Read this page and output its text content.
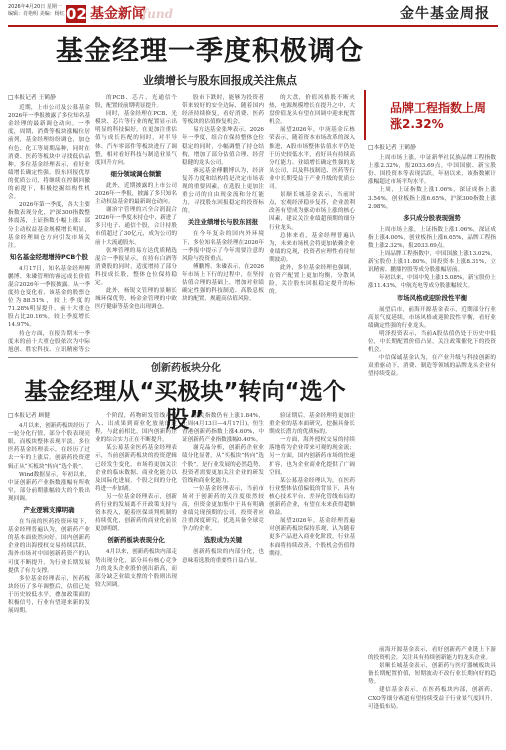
2026年4月20日 星期一
编辑：肖艳明 美编：杨红 02 基金新闻
fund	金牛基金周报
基金经理一季度积极调仓
业绩增长与股东回报成关注焦点

□本报记者 王鹤静

近期，上市公司及公募基金2026年一季报披露了多位知名基金经理的最新调仓动向。一季度，周期、消费等板块涨幅位居前列，基金经理纷纷调仓，加仓有色、化工等周期品种，同时在消费、医药等板块中寻找低估品种。多位基金经理表示，看好业绩增长确定性强、股东回报优厚的优质公司，将继续在控制回撤的前提下，积极挖掘结构性机会。

2026年第一季度，各大主要指数表现分化，沪深300指数整体震荡，上证指数小幅上涨；部分主动权益基金规模增长明显，基金经理调仓方向引发市场关注。

知名基金经理增持PCB个股

4月17日，知名基金经理傅鹏博、朱璘管理的睿远成长价值混合2026年一季报披露。从一季度持仓变化看，该基金的股票仓位为88.51%，较上季度的71.28%明显提升，前十大重仓股占比20.16%，较上季度增长14.97%。

持仓方面，在报告期末一季度末的前十大重仓股依次为中际旭创、胜宏科技、立讯精密等公

的PCB、芯片、光通信个股，配置较前期明显提升。

同时，基金经理在PCB、光模块、芯片等行业的配置显示出明显的科技偏好，在更加注重估值与成长匹配的同时，对半导体、汽车零部件等板块进行了调整，相对看好科技与制造业景气度回升方向。

细分领域调仓频繁

此外，近期披露的上市公司2026年一季报，披露了多只知名主动权益基金的最新调仓动向。

谢治宇管理的兴全合润混合2026年一季度末持仓中，新进了多只电子、通信个股，合计持股市值超过了30亿元，成为公司的前十大流通股东。

张坤管理的易方达优质精选混合一季报显示，在持有白酒等消费股的同时，适度增持了部分科技成长股，整体仓位保持稳定。

此外，杨锐文管理的景顺长城环保优势、杨金金管理的中欧医疗健康等基金也出现调仓。

股市下跌时，能够为投资者带来较好的安全边际，随着国内经济持续修复，看好消费、医药等板块的估值修复机会。

易方达基金张坤表示，2026年一季度，组合在保持整体仓位稳定的同时，小幅调整了持仓结构，增加了部分估值合理、经营稳健的龙头公司。

睿远基金傅鹏博认为，经济复苏力度和结构将是决定市场表现的重要因素，在选股上更加注重公司的自由现金流和分红能力，寻找股东回报稳定的投资标的。

关注业绩增长与股东回报

在今年复杂的国内外环境下，多位知名基金经理在2026年一季报中提示了今年需要注意的风险与投资重点。

傅鹏博、朱璘表示，在2026年市场上下行的过程中，在坚持估值合理的基础上，增加对业绩确定性强的科技制造、高股息板块的配置，规避高估值风险。

的大盘，价值风格股不断火热，电源规模增长在提升之中，大盘价值龙头有望在回调中迎来配置机会。

展望2026年，中庚基金丘栋荣表示，随着资本市场改革的深入推进，A股市场整体估值水平仍处于历史较低水平，看好具有持续高分红能力、业绩增长确定性强的龙头公司，以及科技制造、医药等行业中长期受益于产业升级的优质公司。

景顺长城基金表示，当前时点，宏观经济稳步复苏，企业盈利改善有望成为驱动市场上涨的核心因素，建议关注业绩超预期的细分行业龙头。

总体来看，基金经理普遍认为，未来市场机会将更加依赖企业业绩的兑现，投资者应理性看待短期波动。

此外，多位基金经理也强调，在资产配置上更加均衡，分散风险，关注股东回报稳定提升的标的。

品牌工程指数上周涨2.32%

□本报记者 王鹤静

上周市场上涨，中证新华社民族品牌工程指数上涨2.32%，报2033.69点，中国国旅、新宝股份、国投资本等表现活跃，年初以来，该指数累计涨幅超过市场平均水平。

上周，上证指数上涨1.06%，深证成指上涨3.54%，创业板指上涨6.65%，沪深300指数上涨2.98%。

多只成分股表现强势

上周市场上涨，上证指数上涨1.06%，深证成指上涨4.00%，创业板指上涨6.65%，品牌工程指数上涨2.32%，报2033.69点。

上周品牌工程指数中，中国国旅上涨13.02%，新宝股份上涨11.80%，国投资本上涨8.31%，立讯精密、鹏鼎控股等成分股涨幅居前。

年初以来，中国中免上涨15.08%，新宝股份上涨11.43%，中航光电等成分股涨幅较大。

市场风格或迎阶段性平衡

展望后市，前海开源基金表示，近期部分行业高景气度延续，市场风格或迎阶段性平衡，看好业绩确定性强的行业龙头。

明泽投资表示，当前A股估值仍处于历史中低位，中长期配置价值凸显，关注政策催化下的投资机会。

中信保诚基金认为，在产业升级与科技创新的双重驱动下，消费、制造等领域的品牌龙头企业有望持续受益。

创新药板块分化
基金经理从“买极块”转向“选个股”

□本报记者 顾健

4月以来，创新药板块经历了一轮分化行情，部分个股表现亮眼，而板块整体表现平淡。多位医药基金经理表示，在经历了过去一年的上涨后，创新药投资逻辑正从“买板块”转向“选个股”。

Wind数据显示，年初以来，中证创新药产业指数涨幅有所收窄，部分前期涨幅较大的个股出现回调。

产业逻辑支撑明确

在当前的医药投资环境下，基金经理普遍认为，创新药产业的基本面依然向好。国内创新药企业的出海授权交易持续活跃，海外市场对中国创新药资产的认可度不断提升，为行业长期发展提供了有力支撑。

多位基金经理表示，医药板块经历了多年调整后，估值已处于历史较低水平，叠加政策面的积极信号，行业有望迎来新的发展周期。

个阶段，药物研发管线从投入、出成果到商业化放量的过程，与此前相比，国内创新药企业的综合实力正在不断提升。

某公募基金医药基金经理表示，当前创新药板块的投资逻辑已经发生变化，市场将更加关注企业的临床数据、商业化能力以及国际化进展，个股之间的分化将进一步加剧。

另一位基金经理表示，创新药行业的发展离不开政策支持与资本投入，随着医保谈判机制的持续优化，创新药的商业化前景更加明朗。

创新药板块表现分化

4月以来，创新药板块内部走势出现分化，部分具有核心竞争力的龙头企业股价创出新高，而部分缺乏业绩支撑的个股则出现较大回调。

相关指数仍有上涨1.84%，上周(4月13日—4月17日)，恒生香港创新药指数上涨4.60%，中证创新药产业指数涨幅0.40%。

谢克晶分析，创新药企业业绩分化显著，从“买板块”转向“选个股”，是行业发展的必然趋势，投资者需要更加关注企业的研发管线和商业化能力。

一位基金经理表示，当前市场对于创新药的关注度依然较高，但资金更加集中于具有明确业绩兑现预期的公司，投资者应注重深度研究，优选具备全球竞争力的企业。

选股成为关键

创新药板块的内部分化，也意味着选股的重要性日益凸显。

验证期后，基金经理将更加注重企业的基本面研究，挖掘具备长期成长潜力的优质标的。

一方面，海外授权交易的持续落地将为企业带来可观的现金流；另一方面，国内创新药市场的快速扩容，也为企业商业化提供了广阔空间。

某公募基金经理认为，在医药行业整体估值偏低的背景下，具有核心技术平台、差异化管线布局的创新药企业，有望在未来获得超额收益。

展望2026年，基金经理普遍对创新药板块保持乐观，认为随着更多产品进入商业化阶段，行业基本面将持续改善，个股机会仍值得期待。

前海开源基金表示，看好创新药产业链上下游的投资机会，关注具有持续创新能力的龙头企业。

景顺长城基金表示，创新药与医疗器械板块具备长期配置价值，短期波动不改行业长期向好的趋势。

建信基金表示，在医药板块内部，创新药、CXO等细分赛道有望持续受益于行业景气度回升，可逢低布局。
